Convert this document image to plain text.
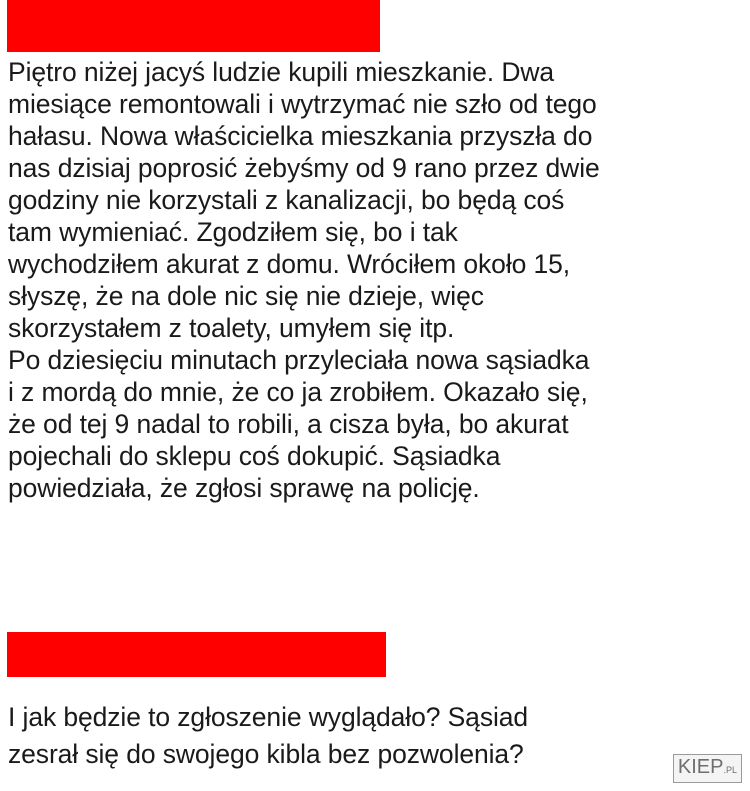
Piętro niżej jacyś ludzie kupili mieszkanie. Dwa
miesiące remontowali i wytrzymać nie szło od tego
hałasu. Nowa właścicielka mieszkania przyszła do
nas dzisiaj poprosić żebyśmy od 9 rano przez dwie
godziny nie korzystali z kanalizacji, bo będą coś
tam wymieniać. Zgodziłem się, bo i tak
wychodziłem akurat z domu. Wróciłem około 15,
słyszę, że na dole nic się nie dzieje, więc
skorzystałem z toalety, umyłem się itp.
Po dziesięciu minutach przyleciała nowa sąsiadka
i z mordą do mnie, że co ja zrobiłem. Okazało się,
że od tej 9 nadal to robili, a cisza była, bo akurat
pojechali do sklepu coś dokupić. Sąsiadka
powiedziała, że zgłosi sprawę na policję.
I jak będzie to zgłoszenie wyglądało? Sąsiad
zesrał się do swojego kibla bez pozwolenia?	KIEP.PL
